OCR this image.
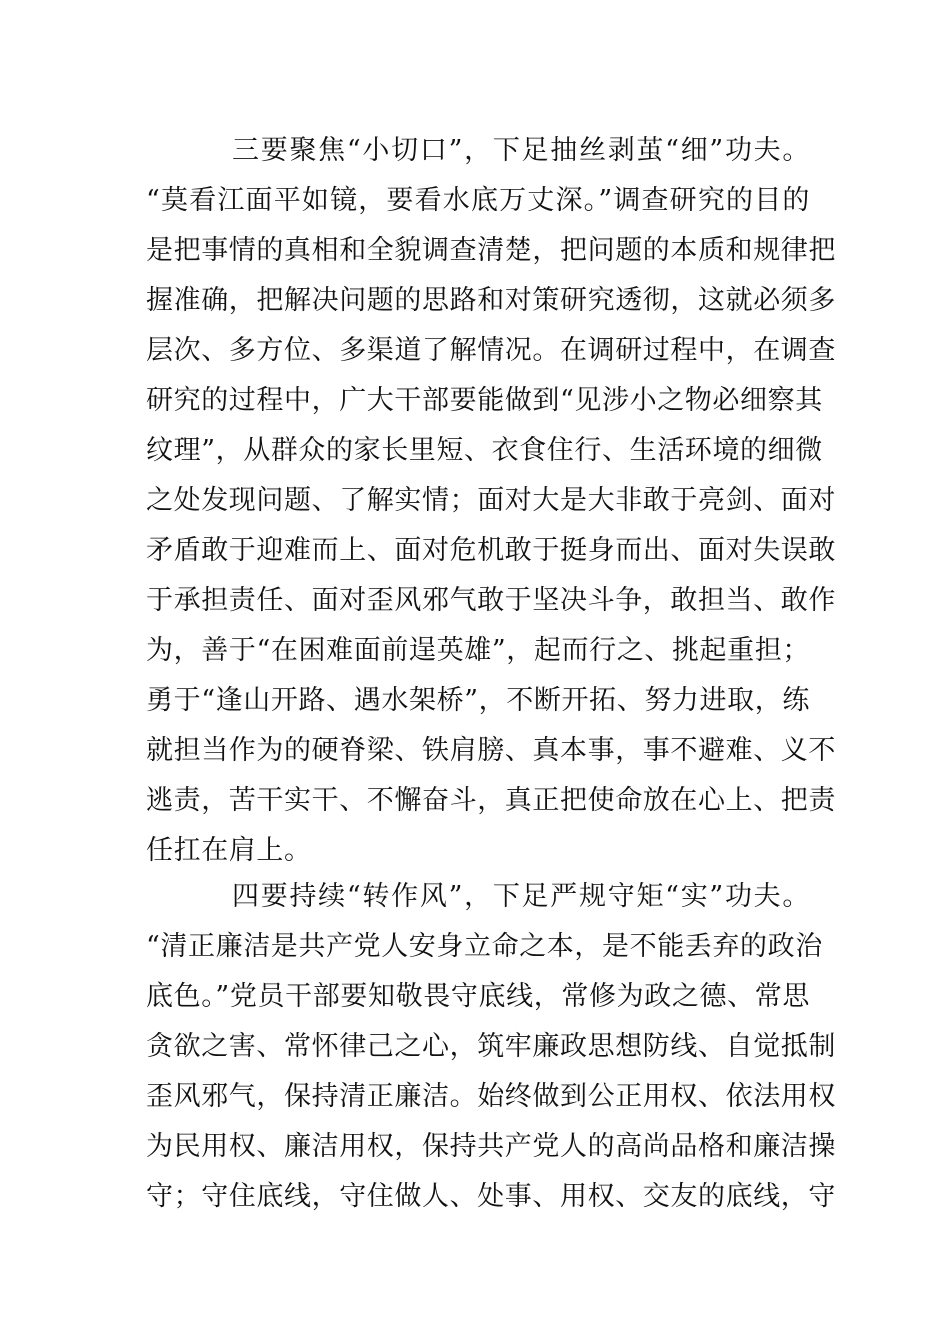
三要聚焦“小切口”，下足抽丝剥茧“细”功夫。
“莫看江面平如镜，要看水底万丈深。”调查研究的目的
是把事情的真相和全貌调查清楚，把问题的本质和规律把
握准确，把解决问题的思路和对策研究透彻，这就必须多
层次、多方位、多渠道了解情况。在调研过程中，在调查
研究的过程中，广大干部要能做到“见涉小之物必细察其
纹理”，从群众的家长里短、衣食住行、生活环境的细微
之处发现问题、了解实情；面对大是大非敢于亮剑、面对
矛盾敢于迎难而上、面对危机敢于挺身而出、面对失误敢
于承担责任、面对歪风邪气敢于坚决斗争，敢担当、敢作
为，善于“在困难面前逞英雄”，起而行之、挑起重担；
勇于“逢山开路、遇水架桥”，不断开拓、努力进取，练
就担当作为的硬脊梁、铁肩膀、真本事，事不避难、义不
逃责，苦干实干、不懈奋斗，真正把使命放在心上、把责
任扛在肩上。
四要持续“转作风”，下足严规守矩“实”功夫。
“清正廉洁是共产党人安身立命之本，是不能丢弃的政治
底色。”党员干部要知敬畏守底线，常修为政之德、常思
贪欲之害、常怀律己之心，筑牢廉政思想防线、自觉抵制
歪风邪气，保持清正廉洁。始终做到公正用权、依法用权
为民用权、廉洁用权，保持共产党人的高尚品格和廉洁操
守；守住底线，守住做人、处事、用权、交友的底线，守
